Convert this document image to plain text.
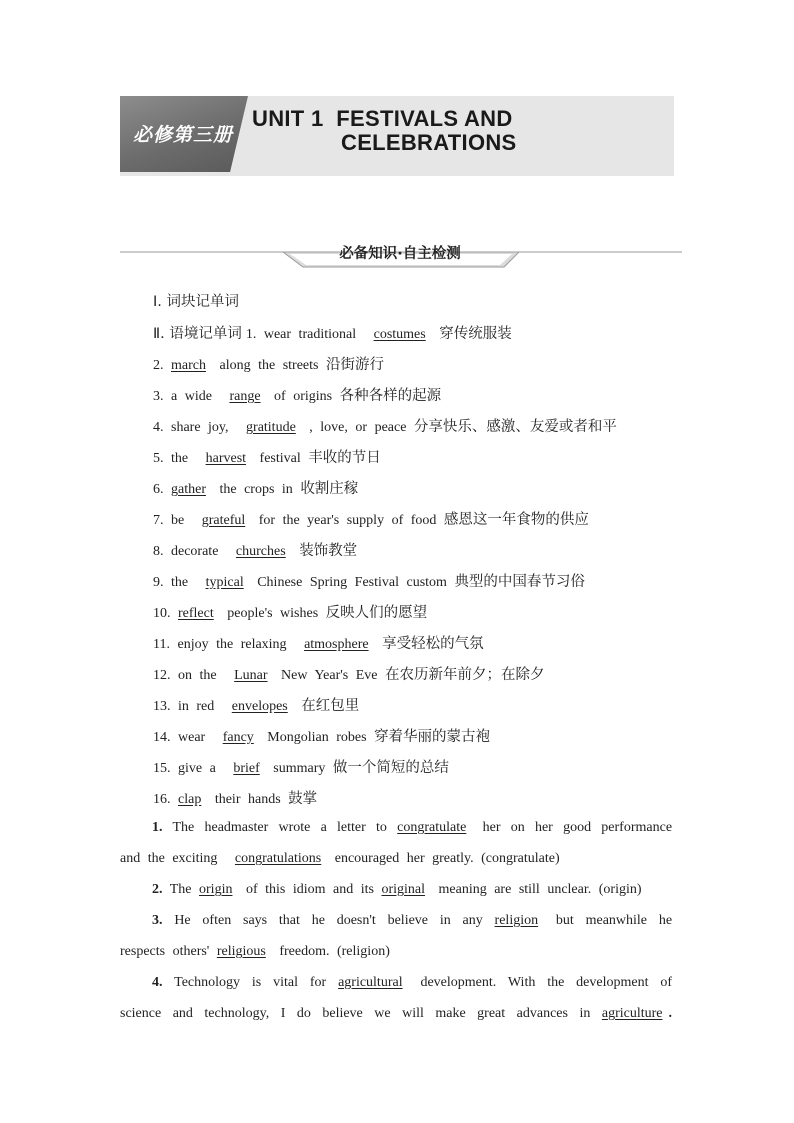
必修第三册
UNIT 1  FESTIVALS AND
CELEBRATIONS
必备知识·自主检测
Ⅰ. 词块记单词
Ⅱ. 语境记单词 1. wear traditional costumes 穿传统服装
2. march along the streets 沿街游行
3. a wide range of origins 各种各样的起源
4. share joy, gratitude , love, or peace 分享快乐、感激、友爱或者和平
5. the harvest festival 丰收的节日
6. gather the crops in 收割庄稼
7. be grateful for the year's supply of food 感恩这一年食物的供应
8. decorate churches 装饰教堂
9. the typical Chinese Spring Festival custom 典型的中国春节习俗
10. reflect people's wishes 反映人们的愿望
11. enjoy the relaxing atmosphere 享受轻松的气氛
12. on the Lunar New Year's Eve 在农历新年前夕；在除夕
13. in red envelopes 在红包里
14. wear fancy Mongolian robes 穿着华丽的蒙古袍
15. give a brief summary 做一个简短的总结
16. clap their hands 鼓掌
1. The headmaster wrote a letter to congratulate her on her good performance
and the exciting congratulations encouraged her greatly. (congratulate)
2. The origin of this idiom and its original meaning are still unclear. (origin)
3. He often says that he doesn't believe in any religion but meanwhile he
respects others' religious freedom. (religion)
4. Technology is vital for agricultural development. With the development of
science and technology, I do believe we will make great advances in agriculture .
